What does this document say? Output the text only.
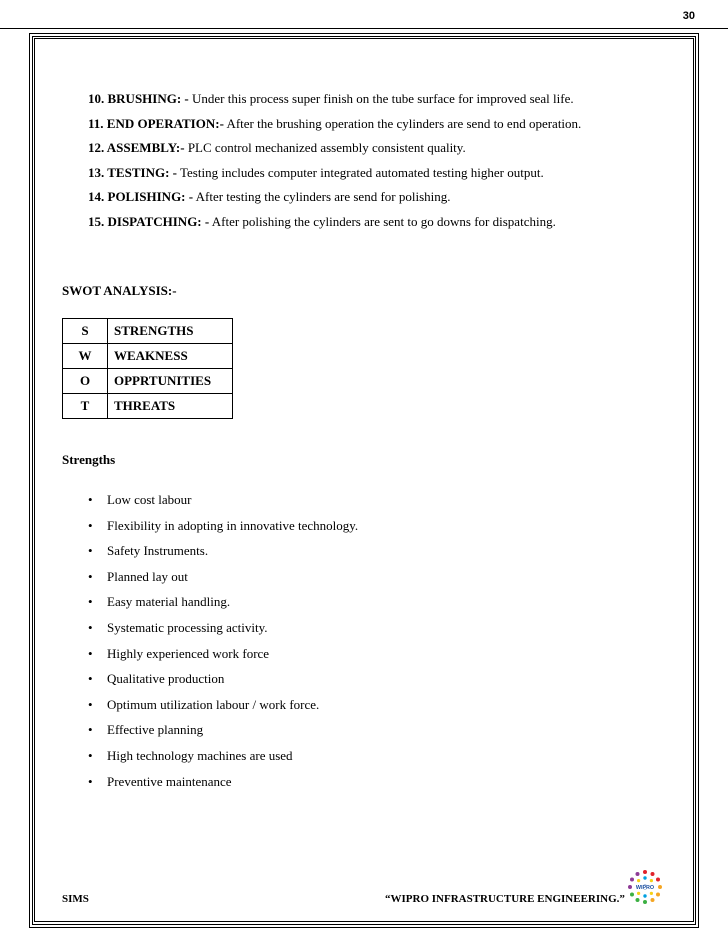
30
10. BRUSHING: - Under this process super finish on the tube surface for improved seal life.
11. END OPERATION:- After the brushing operation the cylinders are send to end operation.
12. ASSEMBLY:- PLC control mechanized assembly consistent quality.
13. TESTING: - Testing includes computer integrated automated testing higher output.
14. POLISHING: - After testing the cylinders are send for polishing.
15. DISPATCHING: - After polishing the cylinders are sent to go downs for dispatching.
SWOT ANALYSIS:-
S	STRENGTHS
W	WEAKNESS
O	OPPRTUNITIES
T	THREATS
Strengths
• Low cost labour
• Flexibility in adopting in innovative technology.
• Safety Instruments.
• Planned lay out
• Easy material handling.
• Systematic processing activity.
• Highly experienced work force
• Qualitative production
• Optimum utilization labour / work force.
• Effective planning
• High technology machines are used
• Preventive maintenance
SIMS	“WIPRO INFRASTRUCTURE ENGINEERING.”
WIPRO
